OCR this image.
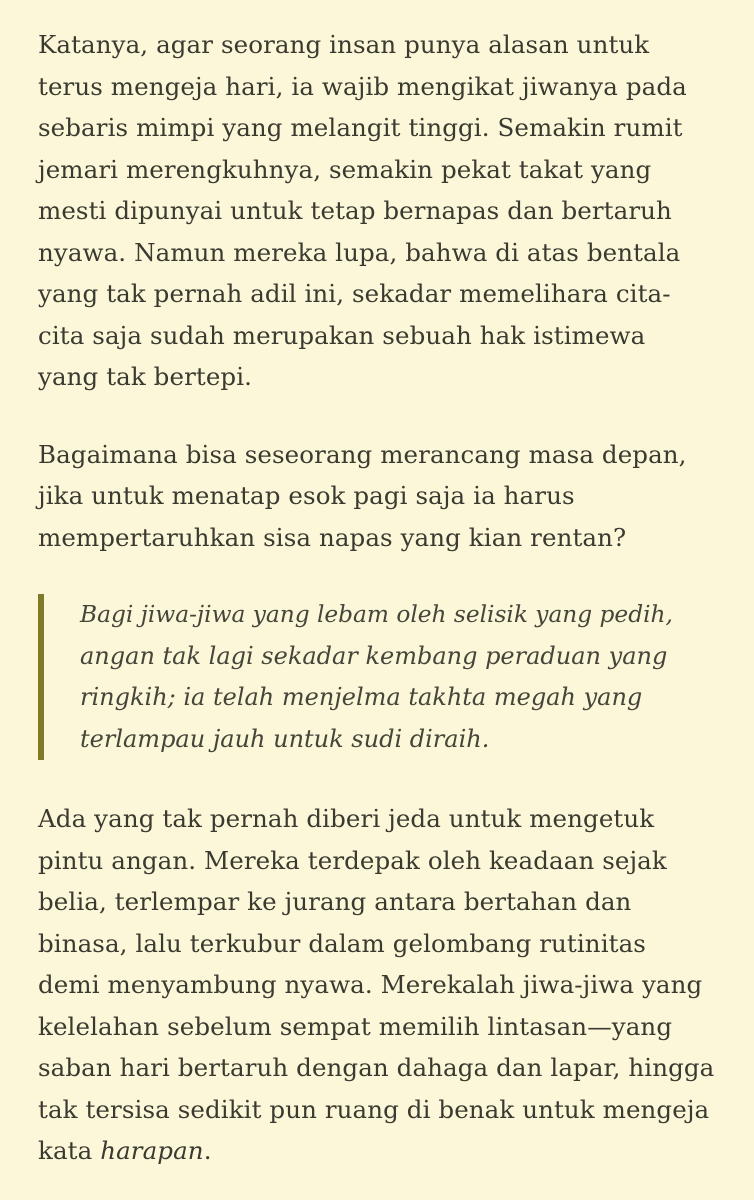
Katanya, agar seorang insan punya alasan untuk
terus mengeja hari, ia wajib mengikat jiwanya pada
sebaris mimpi yang melangit tinggi. Semakin rumit
jemari merengkuhnya, semakin pekat takat yang
mesti dipunyai untuk tetap bernapas dan bertaruh
nyawa. Namun mereka lupa, bahwa di atas bentala
yang tak pernah adil ini, sekadar memelihara cita-
cita saja sudah merupakan sebuah hak istimewa
yang tak bertepi.

Bagaimana bisa seseorang merancang masa depan,
jika untuk menatap esok pagi saja ia harus
mempertaruhkan sisa napas yang kian rentan?

Bagi jiwa-jiwa yang lebam oleh selisik yang pedih,
angan tak lagi sekadar kembang peraduan yang
ringkih; ia telah menjelma takhta megah yang
terlampau jauh untuk sudi diraih.

Ada yang tak pernah diberi jeda untuk mengetuk
pintu angan. Mereka terdepak oleh keadaan sejak
belia, terlempar ke jurang antara bertahan dan
binasa, lalu terkubur dalam gelombang rutinitas
demi menyambung nyawa. Merekalah jiwa-jiwa yang
kelelahan sebelum sempat memilih lintasan—yang
saban hari bertaruh dengan dahaga dan lapar, hingga
tak tersisa sedikit pun ruang di benak untuk mengeja
kata harapan.
